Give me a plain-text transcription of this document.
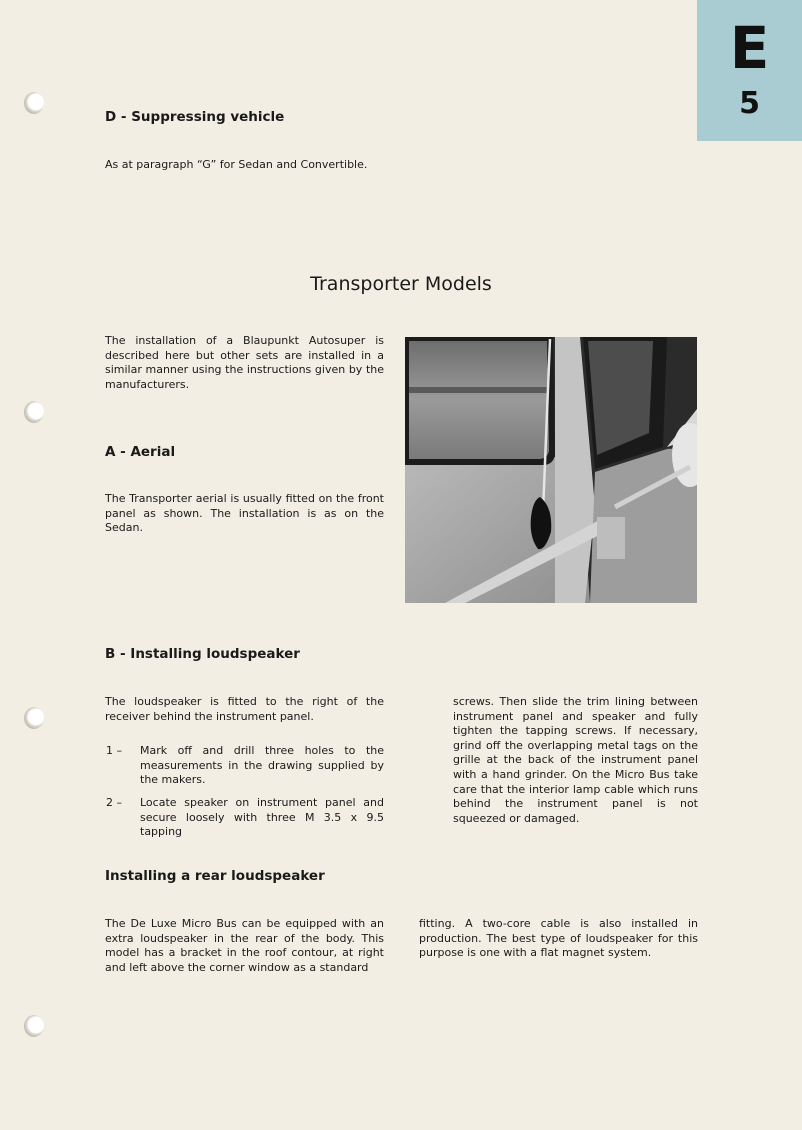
E
5
D - Suppressing vehicle

As at paragraph “G” for Sedan and Convertible.

Transporter Models

The installation of a Blaupunkt Autosuper is described here but other sets are installed in a similar manner using the instructions given by the manufacturers.

A - Aerial

The Transporter aerial is usually fitted on the front panel as shown. The installation is as on the Sedan.

B - Installing loudspeaker

The loudspeaker is fitted to the right of the receiver behind the instrument panel.

1 – Mark off and drill three holes to the measurements in the drawing supplied by the makers.
2 – Locate speaker on instrument panel and secure loosely with three M 3.5 x 9.5 tapping

screws. Then slide the trim lining between instrument panel and speaker and fully tighten the tapping screws. If necessary, grind off the overlapping metal tags on the grille at the back of the instrument panel with a hand grinder. On the Micro Bus take care that the interior lamp cable which runs behind the instrument panel is not squeezed or damaged.

Installing a rear loudspeaker

The De Luxe Micro Bus can be equipped with an extra loudspeaker in the rear of the body. This model has a bracket in the roof contour, at right and left above the corner window as a standard

fitting. A two-core cable is also installed in production. The best type of loudspeaker for this purpose is one with a flat magnet system.
